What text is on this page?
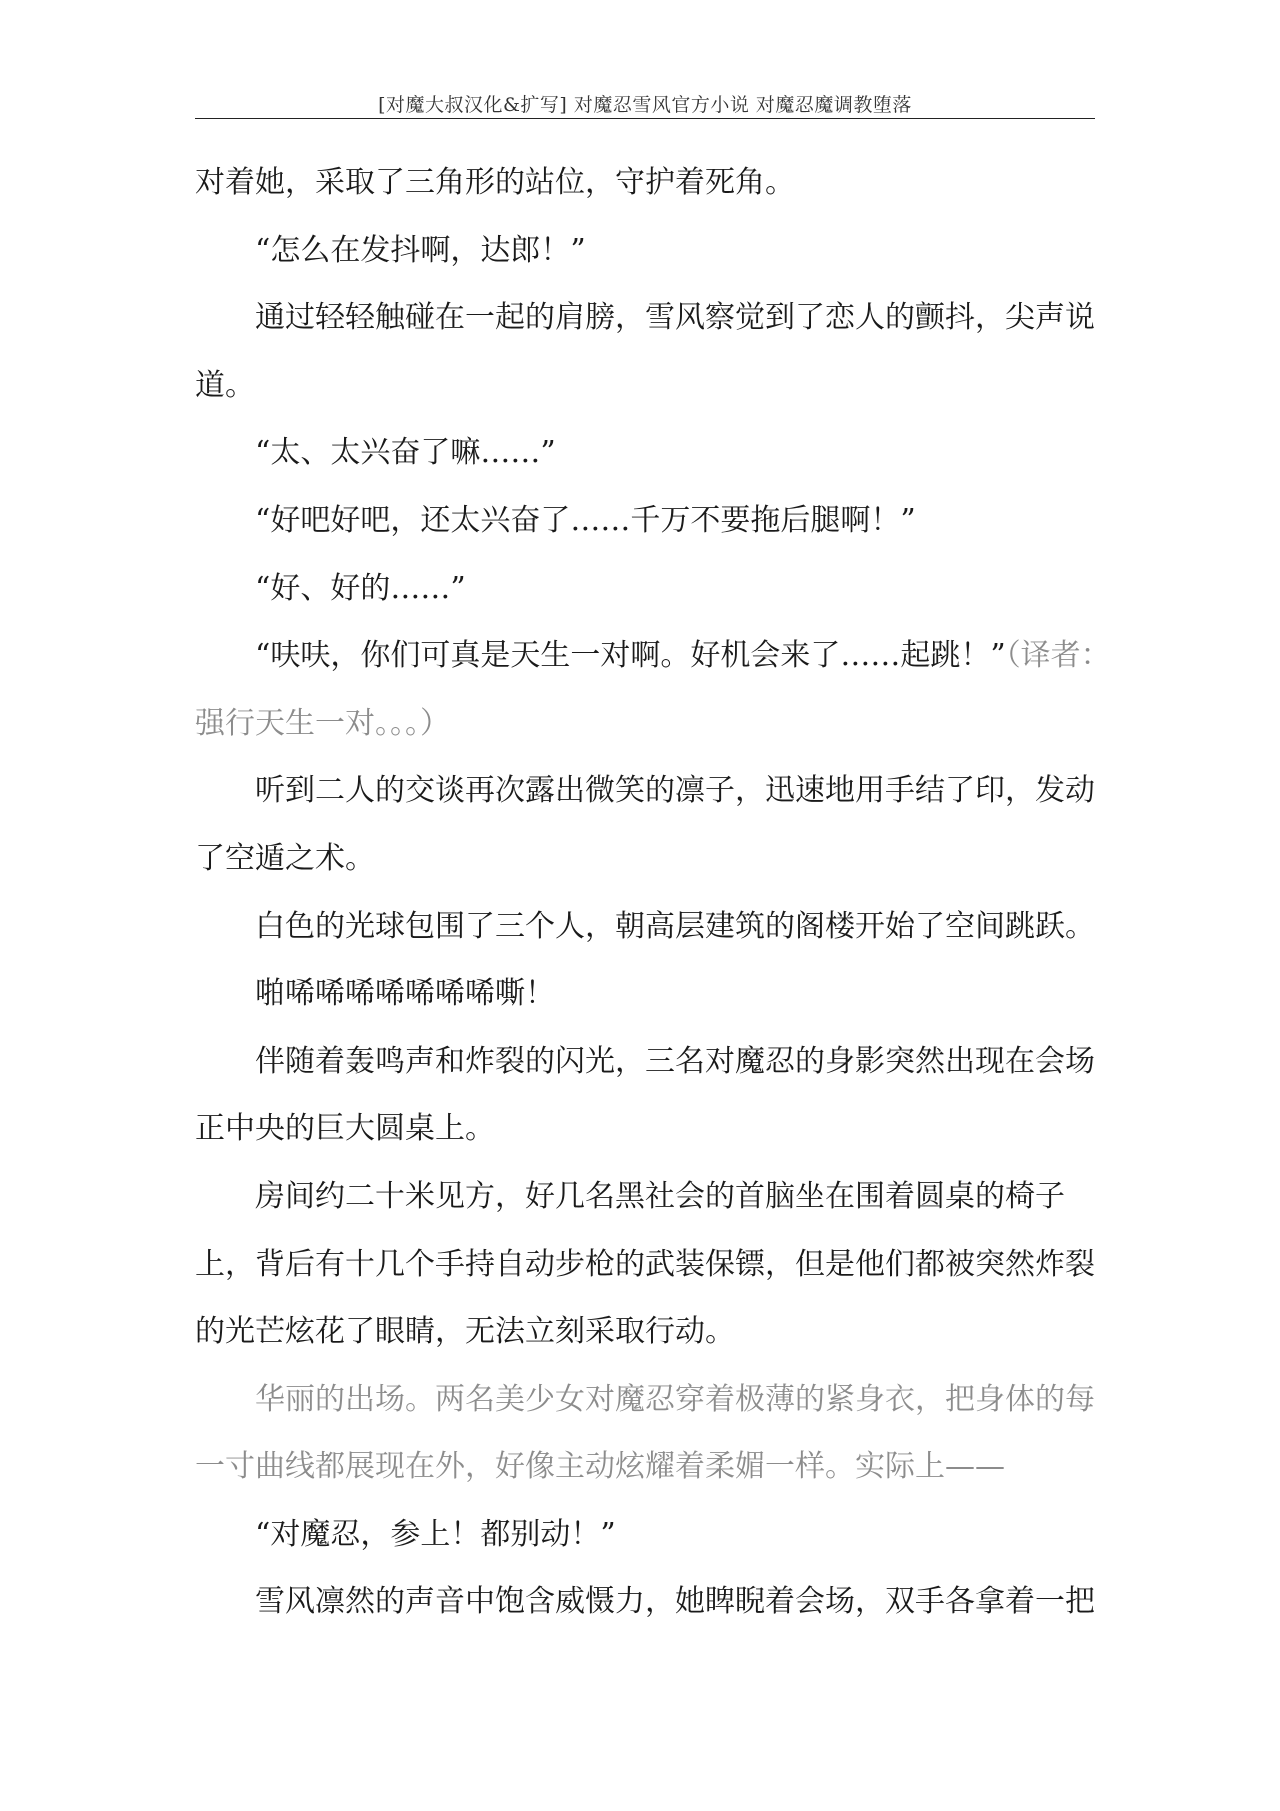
[对魔大叔汉化&扩写] 对魔忍雪风官方小说 对魔忍魔调教堕落
对着她，采取了三角形的站位，守护着死角。
“怎么在发抖啊，达郎！”
通过轻轻触碰在一起的肩膀，雪风察觉到了恋人的颤抖，尖声说
道。
“太、太兴奋了嘛……”
“好吧好吧，还太兴奋了……千万不要拖后腿啊！”
“好、好的……”
“呋呋，你们可真是天生一对啊。好机会来了……起跳！”（译者：
强行天生一对。。。）
听到二人的交谈再次露出微笑的凛子，迅速地用手结了印，发动
了空遁之术。
白色的光球包围了三个人，朝高层建筑的阁楼开始了空间跳跃。
啪唏唏唏唏唏唏唏嘶！
伴随着轰鸣声和炸裂的闪光，三名对魔忍的身影突然出现在会场
正中央的巨大圆桌上。
房间约二十米见方，好几名黑社会的首脑坐在围着圆桌的椅子
上，背后有十几个手持自动步枪的武装保镖，但是他们都被突然炸裂
的光芒炫花了眼睛，无法立刻采取行动。
华丽的出场。两名美少女对魔忍穿着极薄的紧身衣，把身体的每
一寸曲线都展现在外，好像主动炫耀着柔媚一样。实际上——
“对魔忍，参上！都别动！”
雪风凛然的声音中饱含威慑力，她睥睨着会场，双手各拿着一把
